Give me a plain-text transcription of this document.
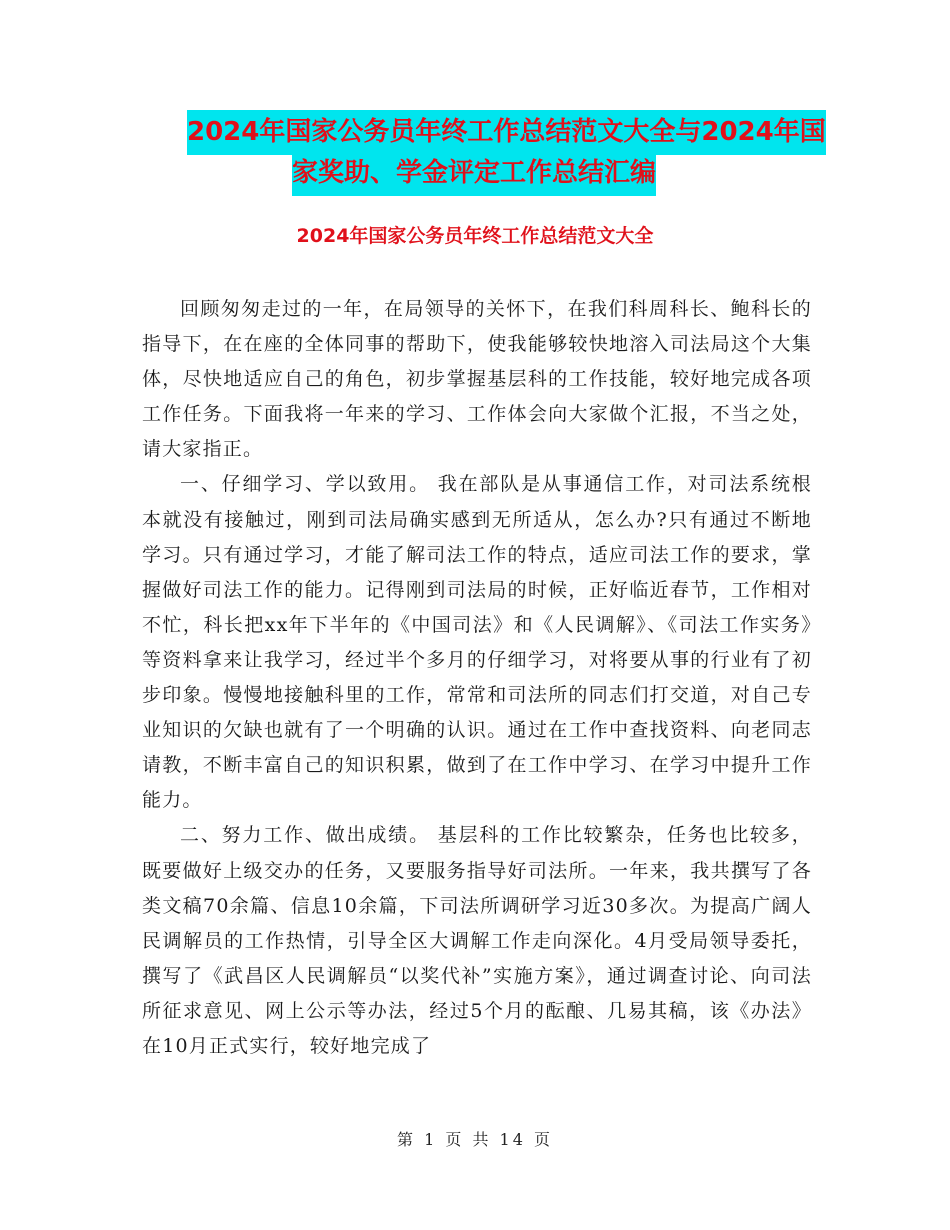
2024年国家公务员年终工作总结范文大全与2024年国
家奖助、学金评定工作总结汇编
2024年国家公务员年终工作总结范文大全

回顾匆匆走过的一年，在局领导的关怀下，在我们科周科长、鲍科长的指导下，在在座的全体同事的帮助下，使我能够较快地溶入司法局这个大集体，尽快地适应自己的角色，初步掌握基层科的工作技能，较好地完成各项工作任务。下面我将一年来的学习、工作体会向大家做个汇报，不当之处，请大家指正。

一、仔细学习、学以致用。 我在部队是从事通信工作，对司法系统根本就没有接触过，刚到司法局确实感到无所适从，怎么办?只有通过不断地学习。只有通过学习，才能了解司法工作的特点，适应司法工作的要求，掌握做好司法工作的能力。记得刚到司法局的时候，正好临近春节，工作相对不忙，科长把xx年下半年的《中国司法》和《人民调解》、《司法工作实务》等资料拿来让我学习，经过半个多月的仔细学习，对将要从事的行业有了初步印象。慢慢地接触科里的工作，常常和司法所的同志们打交道，对自己专业知识的欠缺也就有了一个明确的认识。通过在工作中查找资料、向老同志请教，不断丰富自己的知识积累，做到了在工作中学习、在学习中提升工作能力。

二、努力工作、做出成绩。 基层科的工作比较繁杂，任务也比较多，既要做好上级交办的任务，又要服务指导好司法所。一年来，我共撰写了各类文稿70余篇、信息10余篇，下司法所调研学习近30多次。为提高广阔人民调解员的工作热情，引导全区大调解工作走向深化。4月受局领导委托，撰写了《武昌区人民调解员“以奖代补”实施方案》，通过调查讨论、向司法所征求意见、网上公示等办法，经过5个月的酝酿、几易其稿，该《办法》在10月正式实行，较好地完成了

第 1 页 共 14 页
